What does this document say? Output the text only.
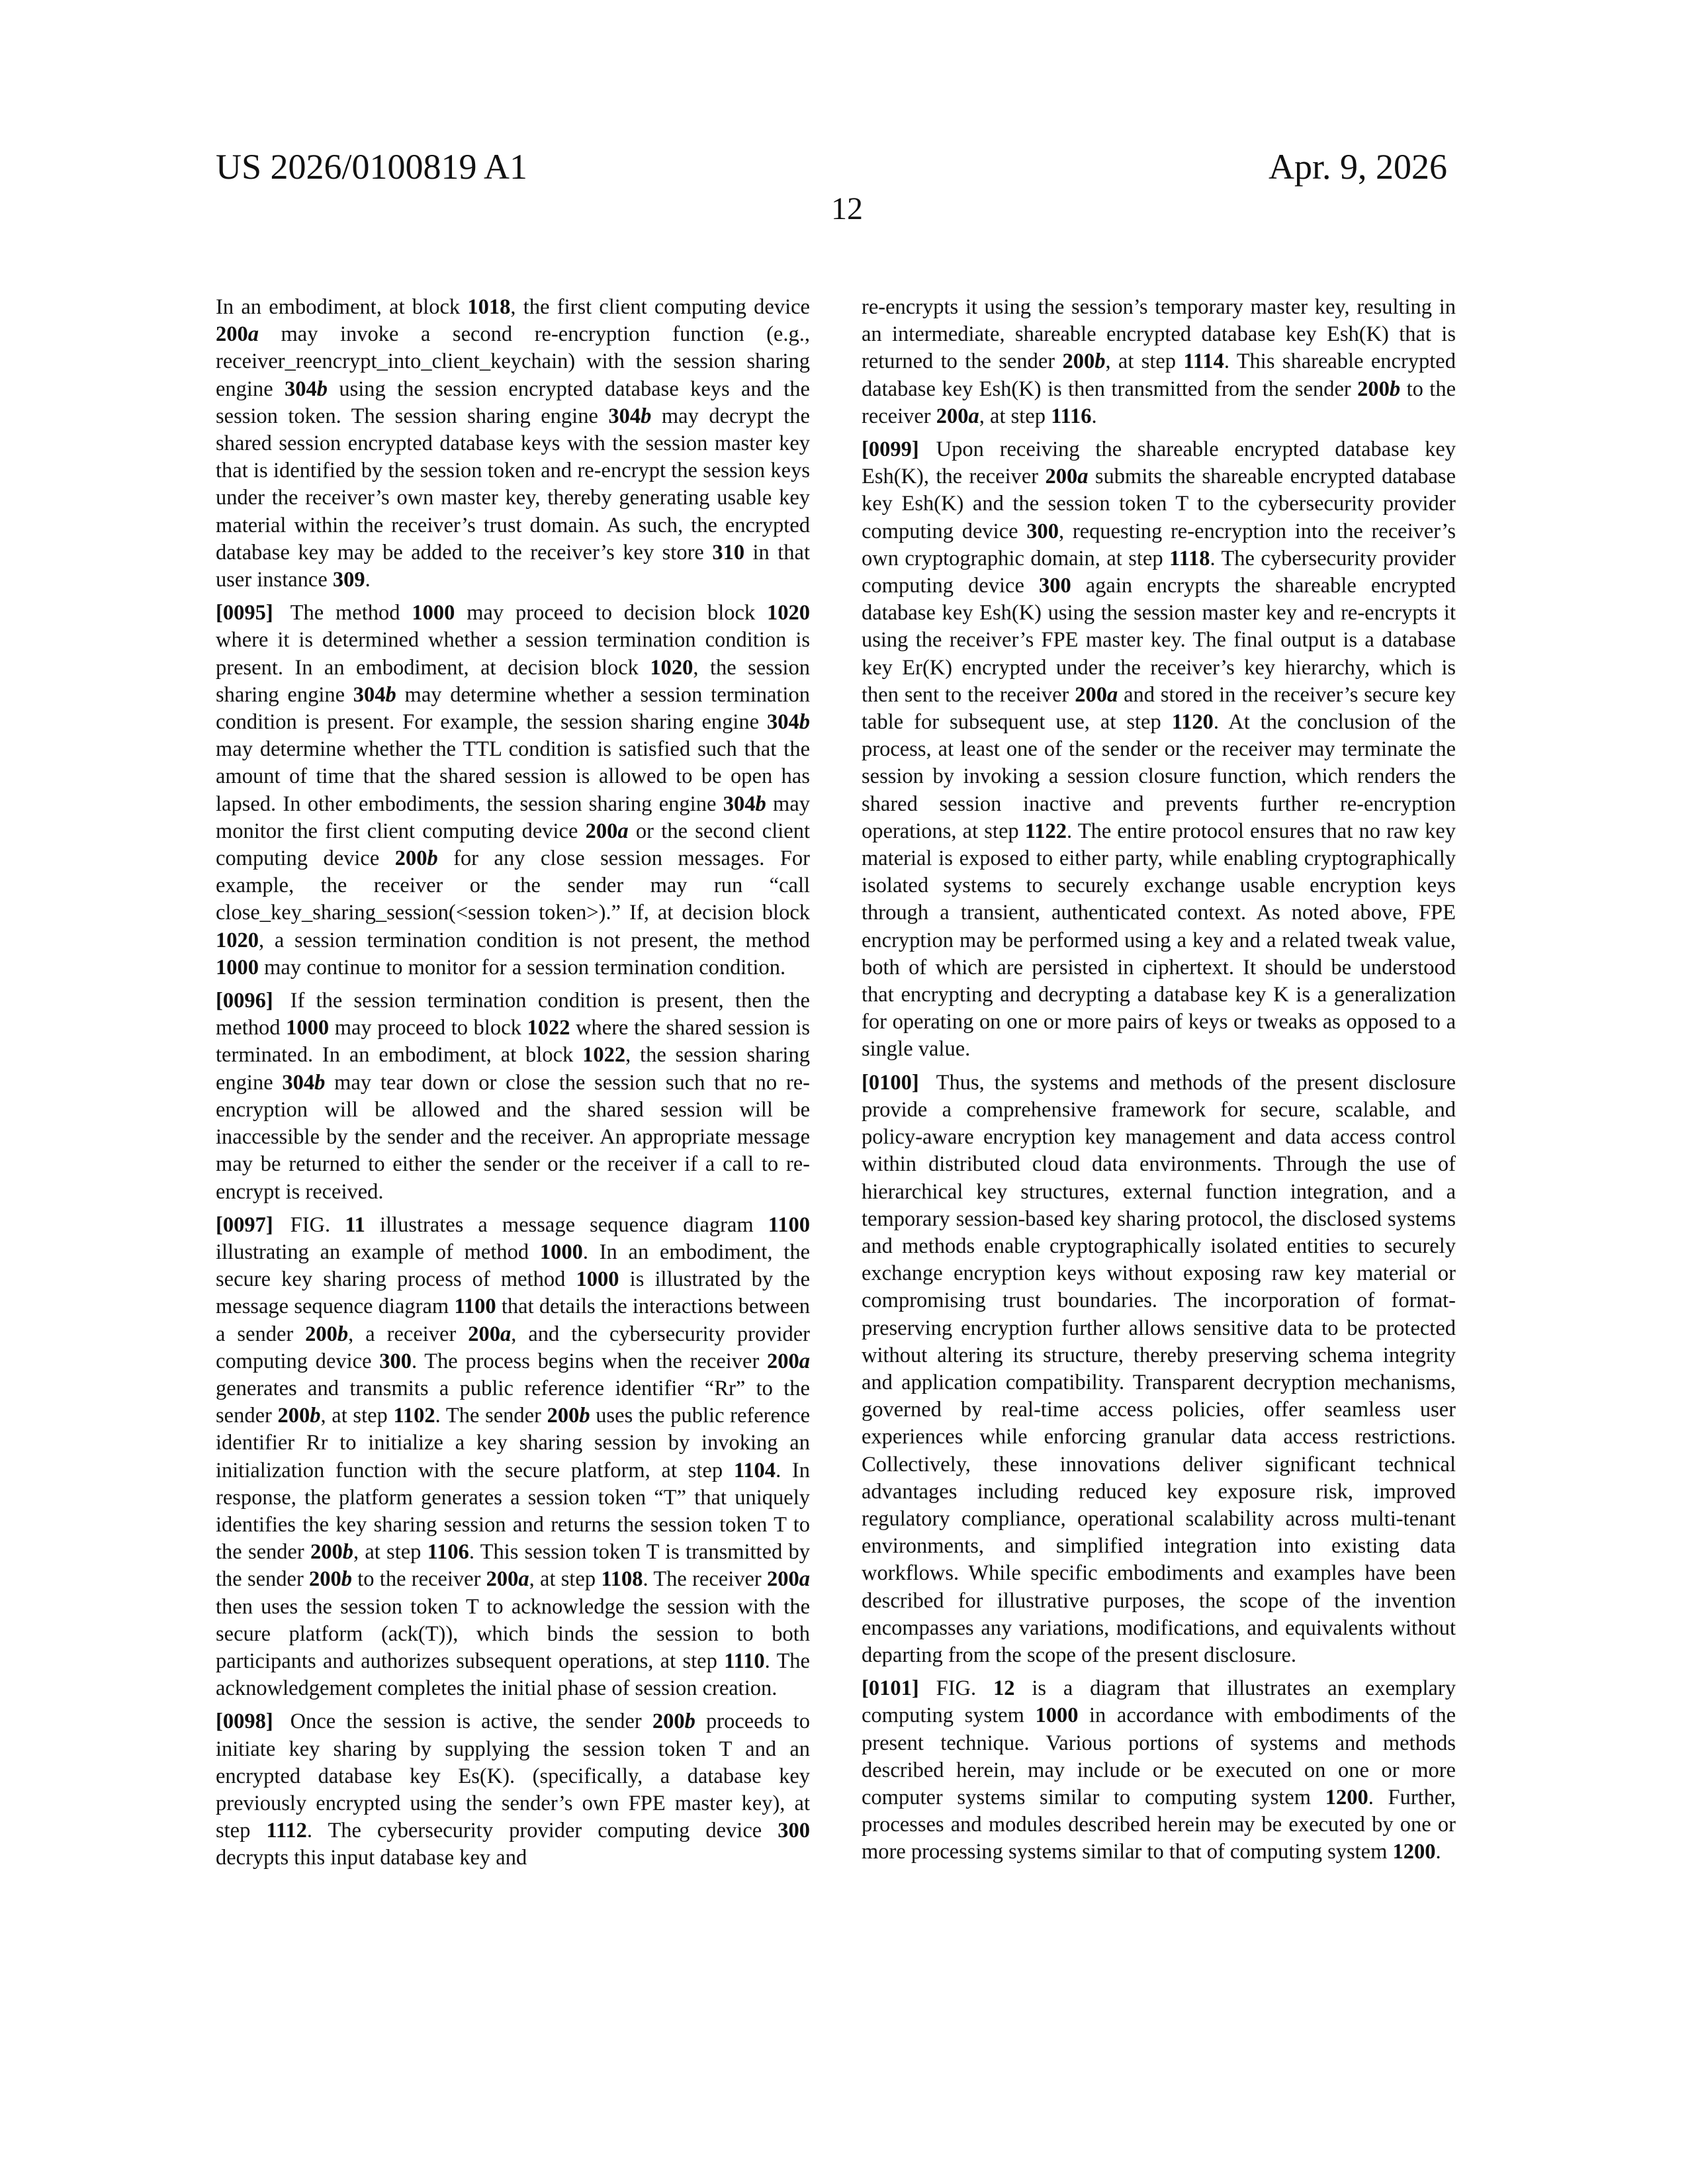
US 2026/0100819 A1	Apr. 9, 2026
12

In an embodiment, at block 1018, the first client computing device 200a may invoke a second re-encryption function (e.g., receiver_reencrypt_into_client_keychain) with the session sharing engine 304b using the session encrypted database keys and the session token. The session sharing engine 304b may decrypt the shared session encrypted database keys with the session master key that is identified by the session token and re-encrypt the session keys under the receiver’s own master key, thereby generating usable key material within the receiver’s trust domain. As such, the encrypted database key may be added to the receiver’s key store 310 in that user instance 309.

[0095] The method 1000 may proceed to decision block 1020 where it is determined whether a session termination condition is present. In an embodiment, at decision block 1020, the session sharing engine 304b may determine whether a session termination condition is present. For example, the session sharing engine 304b may determine whether the TTL condition is satisfied such that the amount of time that the shared session is allowed to be open has lapsed. In other embodiments, the session sharing engine 304b may monitor the first client computing device 200a or the second client computing device 200b for any close session messages. For example, the receiver or the sender may run “call close_key_sharing_session(<session token>).” If, at decision block 1020, a session termination condition is not present, the method 1000 may continue to monitor for a session termination condition.

[0096] If the session termination condition is present, then the method 1000 may proceed to block 1022 where the shared session is terminated. In an embodiment, at block 1022, the session sharing engine 304b may tear down or close the session such that no re-encryption will be allowed and the shared session will be inaccessible by the sender and the receiver. An appropriate message may be returned to either the sender or the receiver if a call to re-encrypt is received.

[0097] FIG. 11 illustrates a message sequence diagram 1100 illustrating an example of method 1000. In an embodiment, the secure key sharing process of method 1000 is illustrated by the message sequence diagram 1100 that details the interactions between a sender 200b, a receiver 200a, and the cybersecurity provider computing device 300. The process begins when the receiver 200a generates and transmits a public reference identifier “Rr” to the sender 200b, at step 1102. The sender 200b uses the public reference identifier Rr to initialize a key sharing session by invoking an initialization function with the secure platform, at step 1104. In response, the platform generates a session token “T” that uniquely identifies the key sharing session and returns the session token T to the sender 200b, at step 1106. This session token T is transmitted by the sender 200b to the receiver 200a, at step 1108. The receiver 200a then uses the session token T to acknowledge the session with the secure platform (ack(T)), which binds the session to both participants and authorizes subsequent operations, at step 1110. The acknowledgement completes the initial phase of session creation.

[0098] Once the session is active, the sender 200b proceeds to initiate key sharing by supplying the session token T and an encrypted database key Es(K). (specifically, a database key previously encrypted using the sender’s own FPE master key), at step 1112. The cybersecurity provider computing device 300 decrypts this input database key and

re-encrypts it using the session’s temporary master key, resulting in an intermediate, shareable encrypted database key Esh(K) that is returned to the sender 200b, at step 1114. This shareable encrypted database key Esh(K) is then transmitted from the sender 200b to the receiver 200a, at step 1116.

[0099] Upon receiving the shareable encrypted database key Esh(K), the receiver 200a submits the shareable encrypted database key Esh(K) and the session token T to the cybersecurity provider computing device 300, requesting re-encryption into the receiver’s own cryptographic domain, at step 1118. The cybersecurity provider computing device 300 again encrypts the shareable encrypted database key Esh(K) using the session master key and re-encrypts it using the receiver’s FPE master key. The final output is a database key Er(K) encrypted under the receiver’s key hierarchy, which is then sent to the receiver 200a and stored in the receiver’s secure key table for subsequent use, at step 1120. At the conclusion of the process, at least one of the sender or the receiver may terminate the session by invoking a session closure function, which renders the shared session inactive and prevents further re-encryption operations, at step 1122. The entire protocol ensures that no raw key material is exposed to either party, while enabling cryptographically isolated systems to securely exchange usable encryption keys through a transient, authenticated context. As noted above, FPE encryption may be performed using a key and a related tweak value, both of which are persisted in ciphertext. It should be understood that encrypting and decrypting a database key K is a generalization for operating on one or more pairs of keys or tweaks as opposed to a single value.

[0100] Thus, the systems and methods of the present disclosure provide a comprehensive framework for secure, scalable, and policy-aware encryption key management and data access control within distributed cloud data environments. Through the use of hierarchical key structures, external function integration, and a temporary session-based key sharing protocol, the disclosed systems and methods enable cryptographically isolated entities to securely exchange encryption keys without exposing raw key material or compromising trust boundaries. The incorporation of format-preserving encryption further allows sensitive data to be protected without altering its structure, thereby preserving schema integrity and application compatibility. Transparent decryption mechanisms, governed by real-time access policies, offer seamless user experiences while enforcing granular data access restrictions. Collectively, these innovations deliver significant technical advantages including reduced key exposure risk, improved regulatory compliance, operational scalability across multi-tenant environments, and simplified integration into existing data workflows. While specific embodiments and examples have been described for illustrative purposes, the scope of the invention encompasses any variations, modifications, and equivalents without departing from the scope of the present disclosure.

[0101] FIG. 12 is a diagram that illustrates an exemplary computing system 1000 in accordance with embodiments of the present technique. Various portions of systems and methods described herein, may include or be executed on one or more computer systems similar to computing system 1200. Further, processes and modules described herein may be executed by one or more processing systems similar to that of computing system 1200.
